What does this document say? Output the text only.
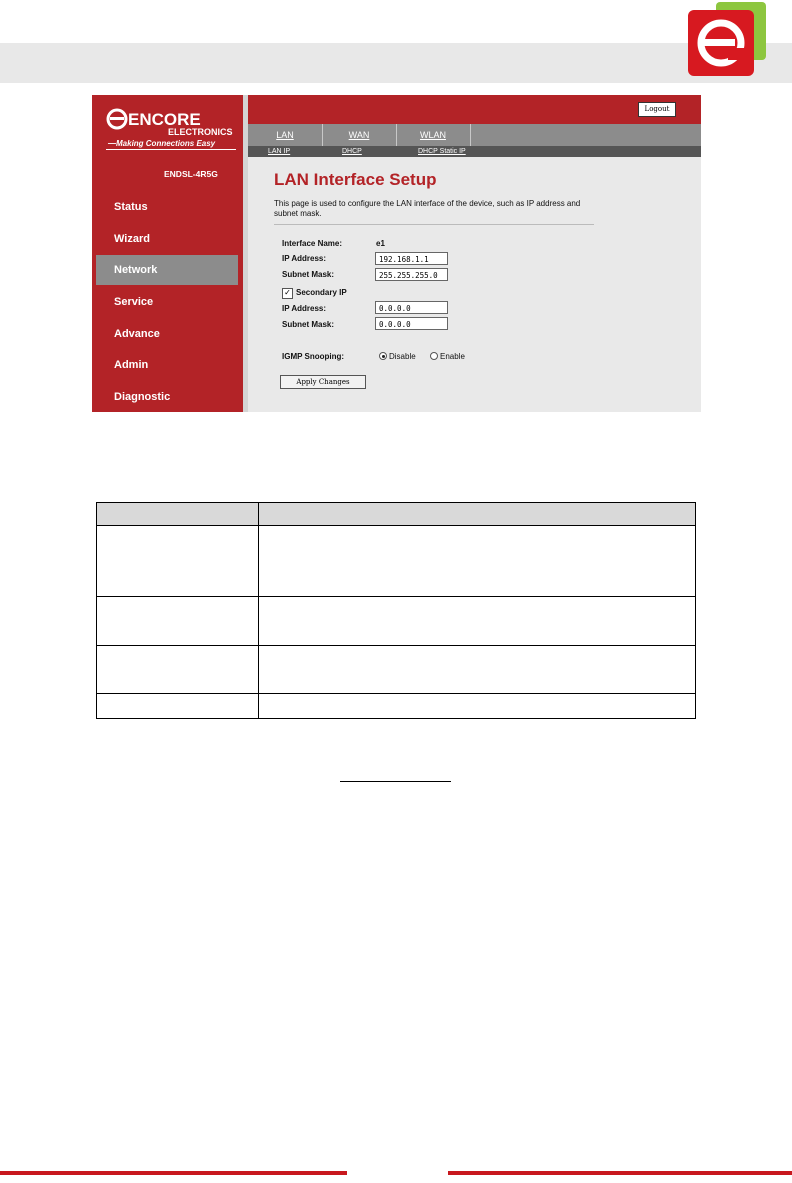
ENCORE
ELECTRONICS
—Making Connections Easy
ENDSL-4R5G
Status
Wizard
Network
Service
Advance
Admin
Diagnostic
Logout
LAN	WAN	WLAN
LAN IP	DHCP	DHCP Static IP
LAN Interface Setup
This page is used to configure the LAN interface of the device, such as IP address and subnet mask.
Interface Name:	e1
IP Address:	192.168.1.1
Subnet Mask:	255.255.255.0
✓ Secondary IP
IP Address:	0.0.0.0
Subnet Mask:	0.0.0.0
IGMP Snooping:	Disable	Enable
Apply Changes
